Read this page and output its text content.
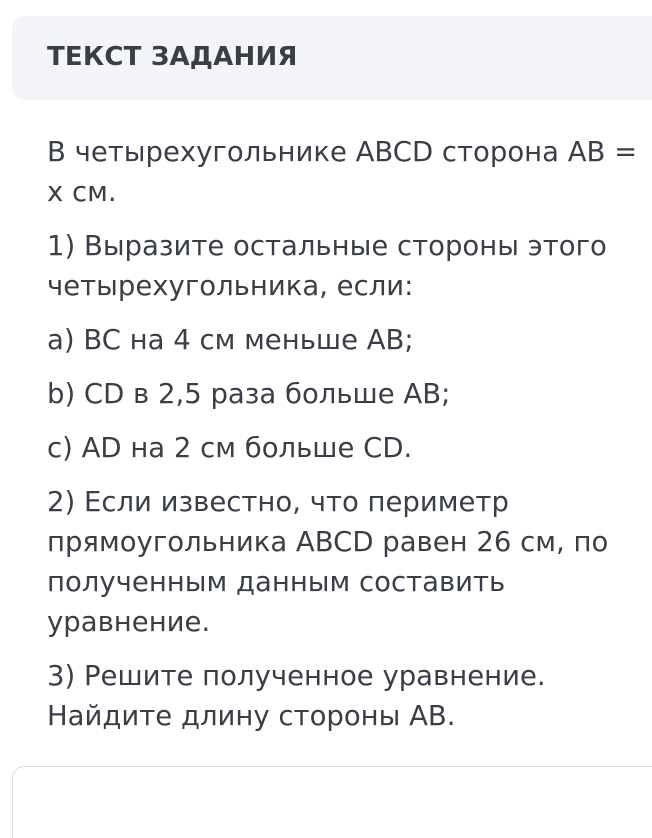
ТЕКСТ ЗАДАНИЯ
В четырехугольнике ABCD сторона AB =
x см.
1) Выразите остальные стороны этого
четырехугольника, если:
a) BC на 4 см меньше AB;
b) CD в 2,5 раза больше AB;
c) AD на 2 см больше CD.
2) Если известно, что периметр
прямоугольника ABCD равен 26 см, по
полученным данным составить
уравнение.
3) Решите полученное уравнение.
Найдите длину стороны AB.
